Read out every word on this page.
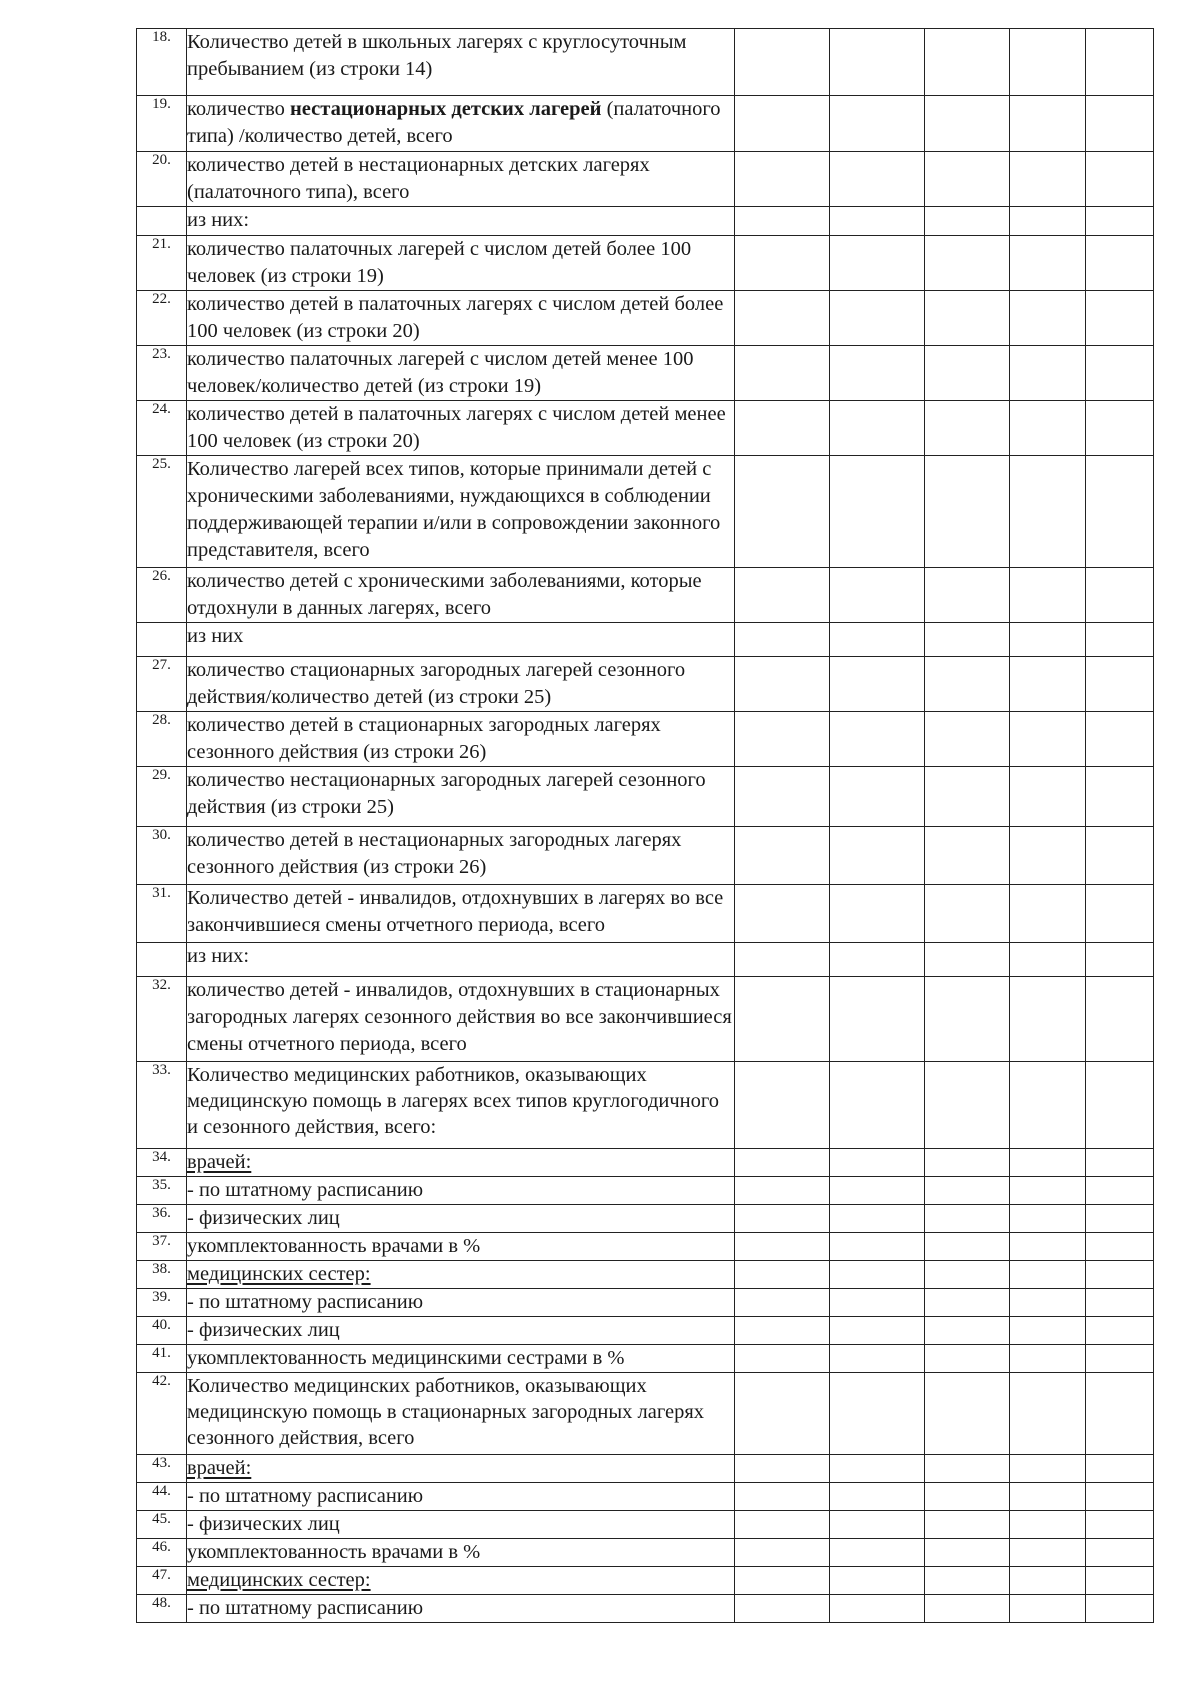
18.	Количество детей в школьных лагерях с круглосуточным пребыванием (из строки 14)					
19.	количество нестационарных детских лагерей (палаточного типа) /количество детей, всего					
20.	количество детей в нестационарных детских лагерях (палаточного типа), всего					
	из них:					
21.	количество палаточных лагерей с числом детей более 100 человек (из строки 19)					
22.	количество детей в палаточных лагерях с числом детей более 100 человек (из строки 20)					
23.	количество палаточных лагерей с числом детей менее 100 человек/количество детей (из строки 19)					
24.	количество детей в палаточных лагерях с числом детей менее 100 человек (из строки 20)					
25.	Количество лагерей всех типов, которые принимали детей с хроническими заболеваниями, нуждающихся в соблюдении поддерживающей терапии и/или в сопровождении законного представителя, всего					
26.	количество детей с хроническими заболеваниями, которые отдохнули в данных лагерях, всего					
	из них					
27.	количество стационарных загородных лагерей сезонного действия/количество детей (из строки 25)					
28.	количество детей в стационарных загородных лагерях сезонного действия (из строки 26)					
29.	количество нестационарных загородных лагерей сезонного действия (из строки 25)					
30.	количество детей в нестационарных загородных лагерях сезонного действия (из строки 26)					
31.	Количество детей - инвалидов, отдохнувших в лагерях во все закончившиеся смены отчетного периода, всего					
	из них:					
32.	количество детей - инвалидов, отдохнувших в стационарных загородных лагерях сезонного действия во все закончившиеся смены отчетного периода, всего					
33.	Количество медицинских работников, оказывающих медицинскую помощь в лагерях всех типов круглогодичного и сезонного действия, всего:					
34.	врачей:					
35.	- по штатному расписанию					
36.	- физических лиц					
37.	укомплектованность врачами в %					
38.	медицинских сестер:					
39.	- по штатному расписанию					
40.	- физических лиц					
41.	укомплектованность медицинскими сестрами в %					
42.	Количество медицинских работников, оказывающих медицинскую помощь в стационарных загородных лагерях сезонного действия, всего					
43.	врачей:					
44.	- по штатному расписанию					
45.	- физических лиц					
46.	укомплектованность врачами в %					
47.	медицинских сестер:					
48.	- по штатному расписанию					
